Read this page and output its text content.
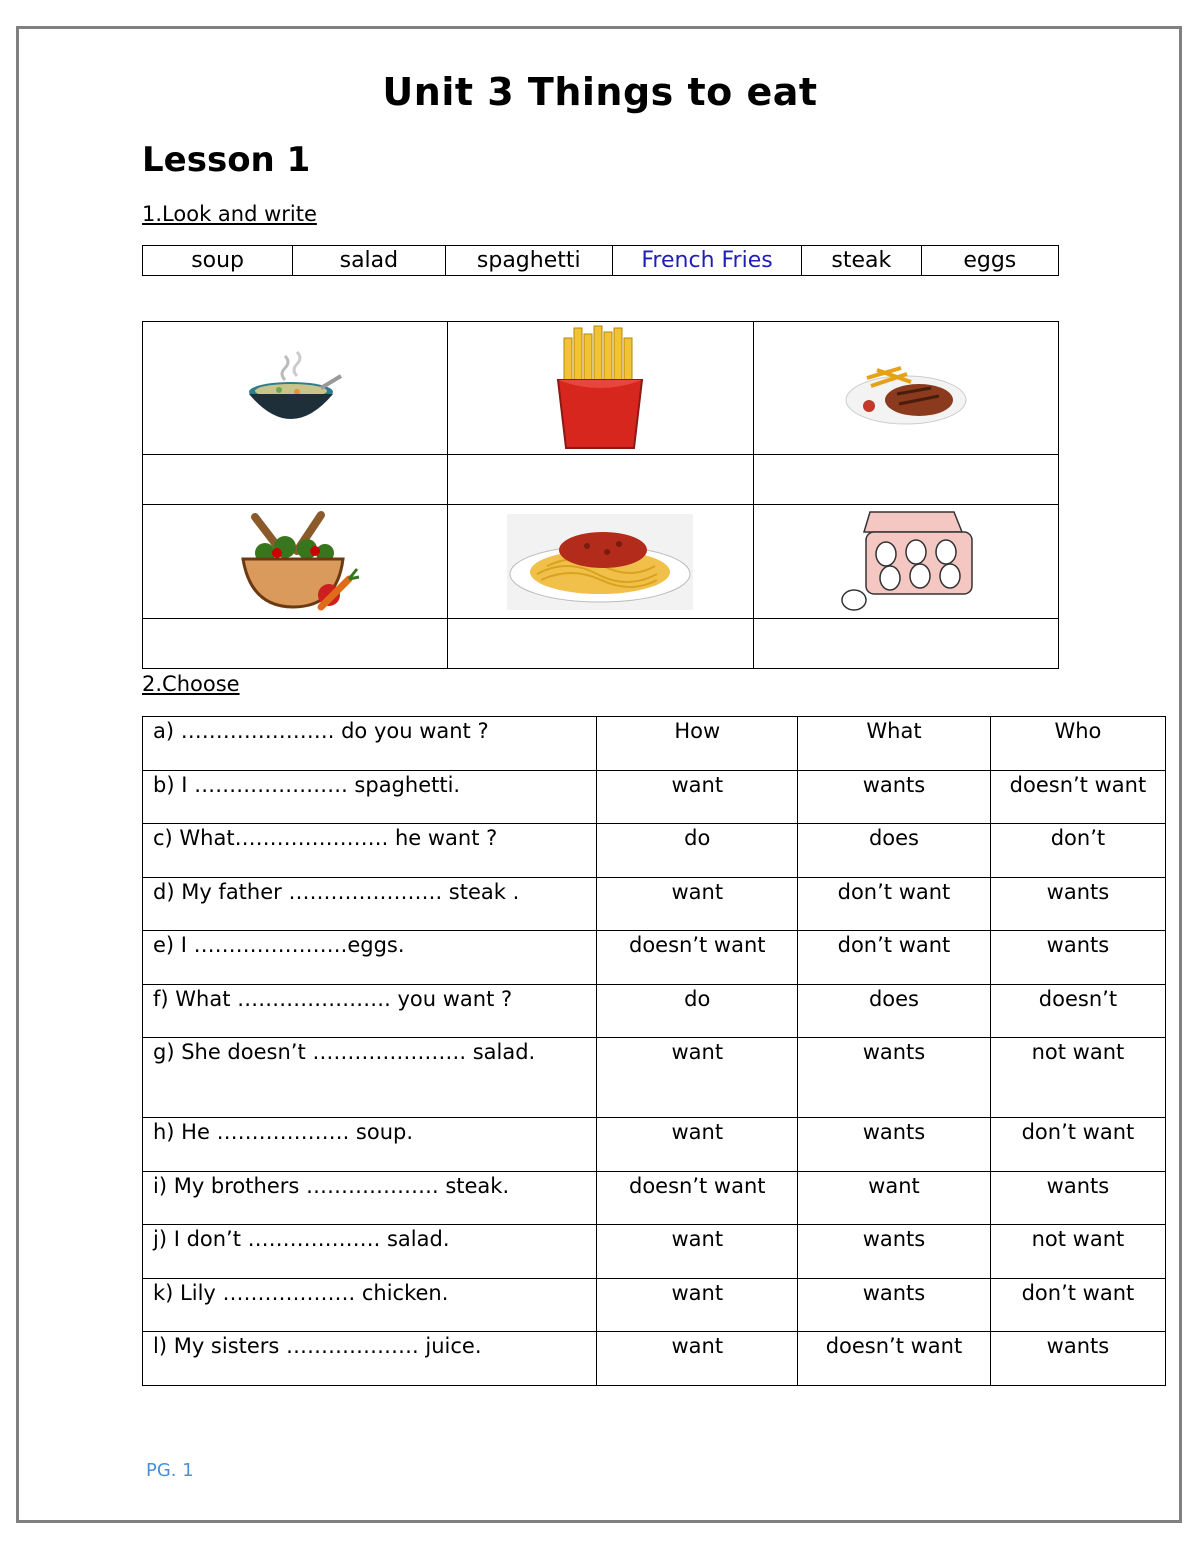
Unit 3 Things to eat
Lesson 1
1.Look and write
soup	salad	spaghetti	French Fries	steak	eggs

2.Choose
a) …………………. do you want ?	How	What	Who
b) I …………………. spaghetti.	want	wants	doesn’t want
c) What…………………. he want ?	do	does	don’t
d) My father …………………. steak .	want	don’t want	wants
e) I ………………….eggs.	doesn’t want	don’t want	wants
f) What …………………. you want ?	do	does	doesn’t
g) She doesn’t …………………. salad.	want	wants	not want
h) He ………………. soup.	want	wants	don’t want
i) My brothers ………………. steak.	doesn’t want	want	wants
j) I don’t ………………. salad.	want	wants	not want
k) Lily ………………. chicken.	want	wants	don’t want
l) My sisters ………………. juice.	want	doesn’t want	wants
PG. 1
